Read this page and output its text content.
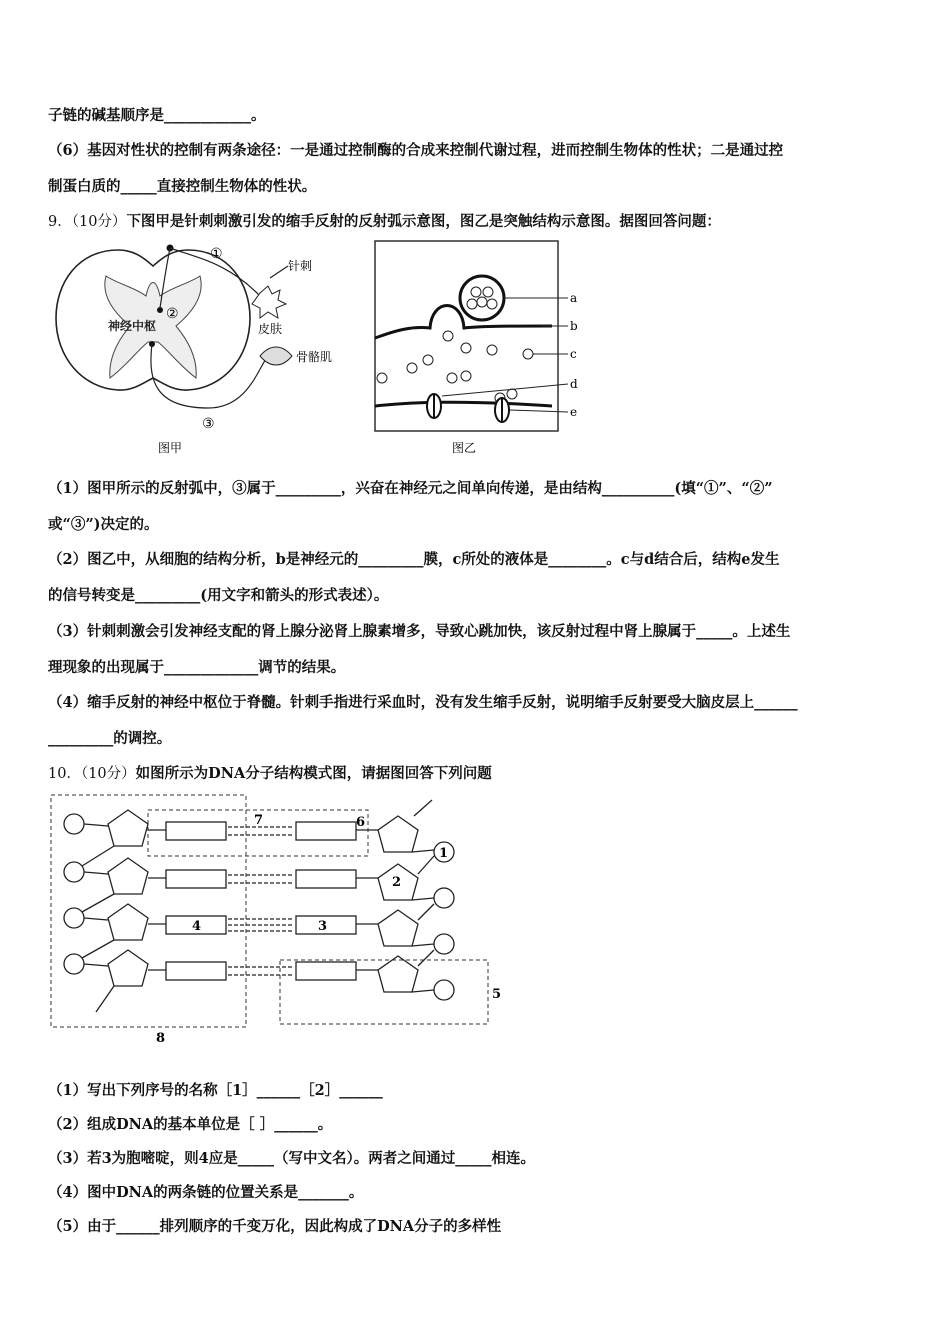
子链的碱基顺序是____________。
（6）基因对性状的控制有两条途径：一是通过控制酶的合成来控制代谢过程，进而控制生物体的性状；二是通过控
制蛋白质的_____直接控制生物体的性状。
9．（10分）下图甲是针刺刺激引发的缩手反射的反射弧示意图，图乙是突触结构示意图。据图回答问题：
神经中枢
①
②
③
针刺
皮肤
骨骼肌
图甲
a
b
c
d
e
图乙
（1）图甲所示的反射弧中，③属于_________，兴奋在神经元之间单向传递，是由结构__________(填“①”、“②”
或“③”)决定的。
（2）图乙中，从细胞的结构分析，b是神经元的_________膜，c所处的液体是________。c与d结合后，结构e发生
的信号转变是_________(用文字和箭头的形式表述）。
（3）针刺刺激会引发神经支配的肾上腺分泌肾上腺素增多，导致心跳加快，该反射过程中肾上腺属于_____。上述生
理现象的出现属于_____________调节的结果。
（4）缩手反射的神经中枢位于脊髓。针刺手指进行采血时，没有发生缩手反射，说明缩手反射要受大脑皮层上______
_________的调控。
10．（10分）如图所示为DNA分子结构模式图，请据图回答下列问题
1
2
3
4
5
6
7
8
（1）写出下列序号的名称［1］______［2］______
（2）组成DNA的基本单位是［ ］______。
（3）若3为胞嘧啶，则4应是_____（写中文名）。两者之间通过_____相连。
（4）图中DNA的两条链的位置关系是_______。
（5）由于______排列顺序的千变万化，因此构成了DNA分子的多样性
